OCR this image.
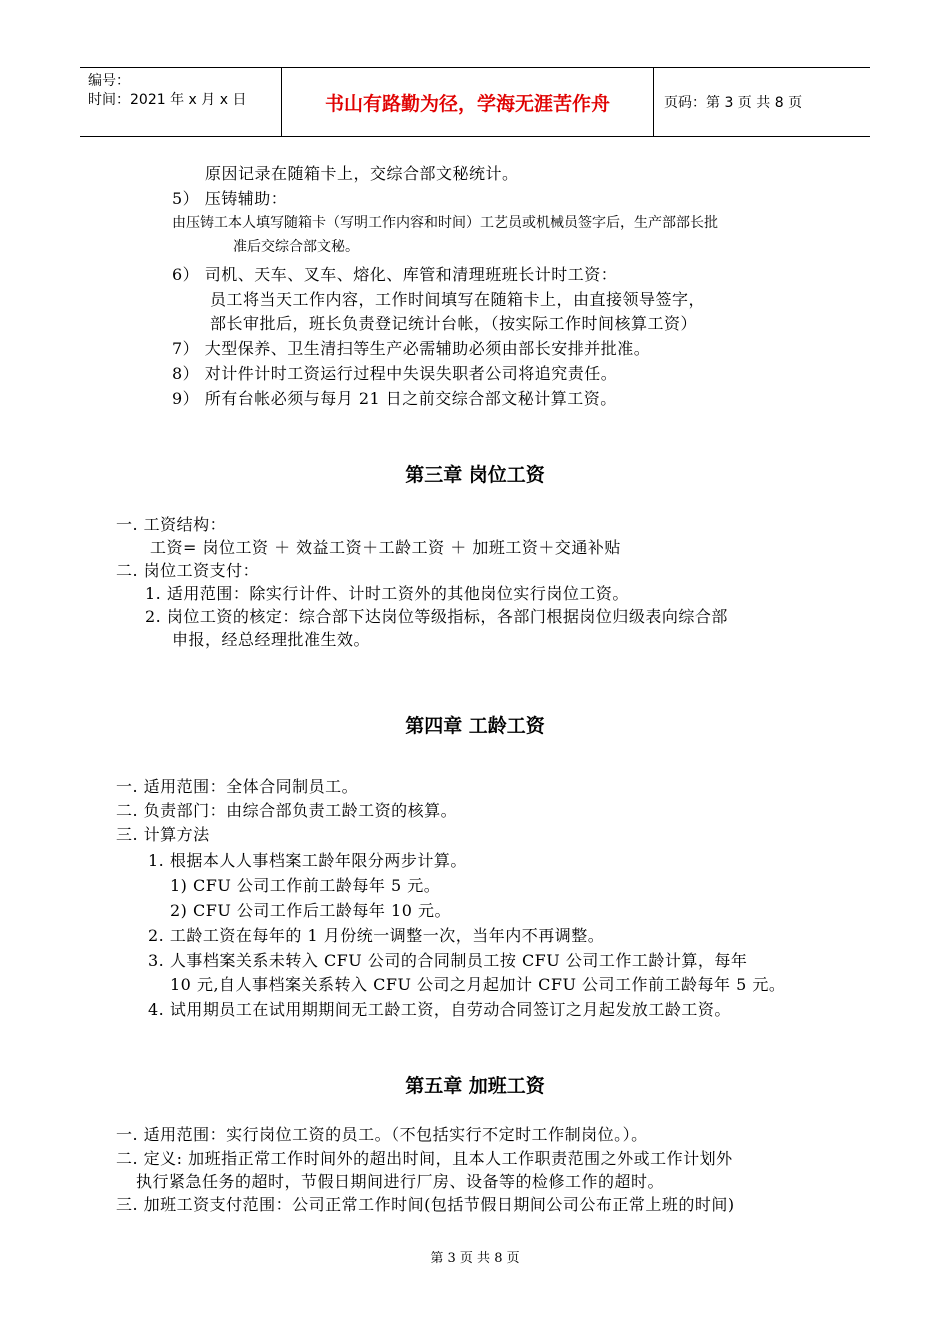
编号：
时间：2021 年 x 月 x 日	书山有路勤为径，学海无涯苦作舟	页码：第 3 页 共 8 页
原因记录在随箱卡上，交综合部文秘统计。
5） 压铸辅助：
由压铸工本人填写随箱卡（写明工作内容和时间）工艺员或机械员签字后，生产部部长批
准后交综合部文秘。
6） 司机、天车、叉车、熔化、库管和清理班班长计时工资：
员工将当天工作内容，工作时间填写在随箱卡上，由直接领导签字，
部长审批后，班长负责登记统计台帐，（按实际工作时间核算工资）
7） 大型保养、卫生清扫等生产必需辅助必须由部长安排并批准。
8） 对计件计时工资运行过程中失误失职者公司将追究责任。
9） 所有台帐必须与每月 21 日之前交综合部文秘计算工资。
第三章 岗位工资
一. 工资结构：
工资= 岗位工资 ＋ 效益工资＋工龄工资 ＋ 加班工资＋交通补贴
二. 岗位工资支付：
1. 适用范围：除实行计件、计时工资外的其他岗位实行岗位工资。
2. 岗位工资的核定：综合部下达岗位等级指标，各部门根据岗位归级表向综合部
申报，经总经理批准生效。
第四章 工龄工资
一. 适用范围：全体合同制员工。
二. 负责部门：由综合部负责工龄工资的核算。
三. 计算方法
1. 根据本人人事档案工龄年限分两步计算。
1) CFU 公司工作前工龄每年 5 元。
2) CFU 公司工作后工龄每年 10 元。
2. 工龄工资在每年的 1 月份统一调整一次，当年内不再调整。
3. 人事档案关系未转入 CFU 公司的合同制员工按 CFU 公司工作工龄计算，每年
10 元,自人事档案关系转入 CFU 公司之月起加计 CFU 公司工作前工龄每年 5 元。
4. 试用期员工在试用期期间无工龄工资，自劳动合同签订之月起发放工龄工资。
第五章 加班工资
一. 适用范围：实行岗位工资的员工。（不包括实行不定时工作制岗位。）。
二. 定义: 加班指正常工作时间外的超出时间，且本人工作职责范围之外或工作计划外
执行紧急任务的超时，节假日期间进行厂房、设备等的检修工作的超时。
三. 加班工资支付范围：公司正常工作时间(包括节假日期间公司公布正常上班的时间)
第 3 页 共 8 页
